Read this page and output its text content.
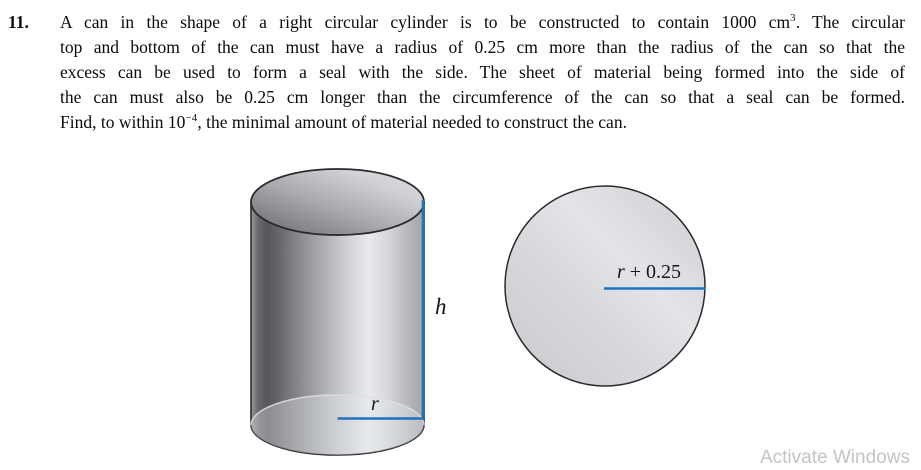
11. A can in the shape of a right circular cylinder is to be constructed to contain 1000 $cm^3$. The circular
top and bottom of the can must have a radius of 0.25 cm more than the radius of the can so that the
excess can be used to form a seal with the side. The sheet of material being formed into the side of
the can must also be 0.25 cm longer than the circumference of the can so that a seal can be formed.
Find, to within $10^{-4}$, the minimal amount of material needed to construct the can.
h
r
r + 0.25
Activate Windows
